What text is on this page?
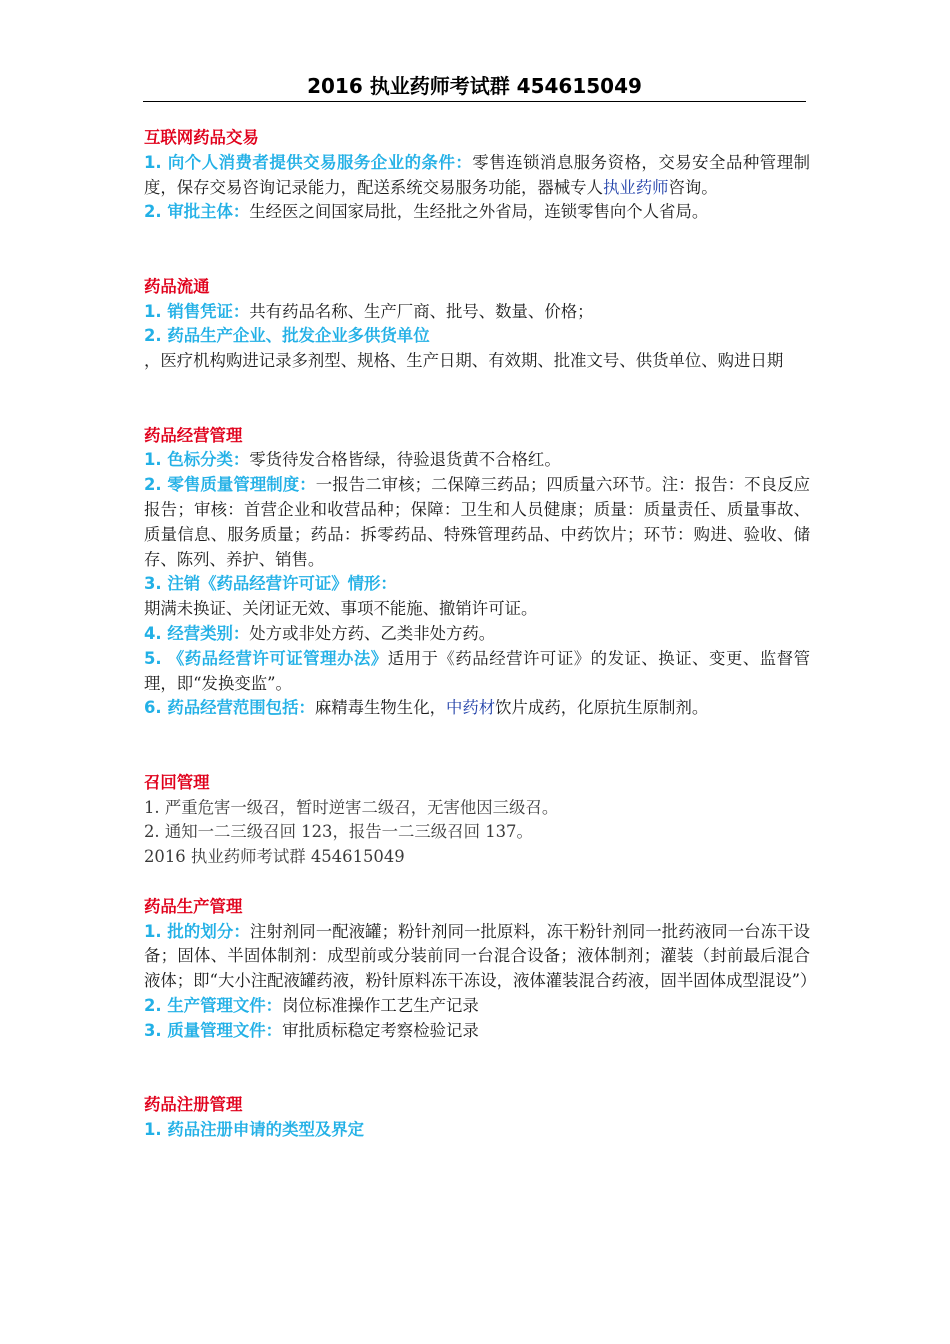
2016 执业药师考试群 454615049
互联网药品交易

1. 向个人消费者提供交易服务企业的条件：零售连锁消息服务资格，交易安全品种管理制度，保存交易咨询记录能力，配送系统交易服务功能，器械专人执业药师咨询。

2. 审批主体：生经医之间国家局批，生经批之外省局，连锁零售向个人省局。

药品流通

1. 销售凭证：共有药品名称、生产厂商、批号、数量、价格；

2. 药品生产企业、批发企业多供货单位

，医疗机构购进记录多剂型、规格、生产日期、有效期、批准文号、供货单位、购进日期

药品经营管理

1. 色标分类：零货待发合格皆绿，待验退货黄不合格红。

2. 零售质量管理制度：一报告二审核；二保障三药品；四质量六环节。注：报告：不良反应报告；审核：首营企业和收营品种；保障：卫生和人员健康；质量：质量责任、质量事故、质量信息、服务质量；药品：拆零药品、特殊管理药品、中药饮片；环节：购进、验收、储存、陈列、养护、销售。

3. 注销《药品经营许可证》情形：

期满未换证、关闭证无效、事项不能施、撤销许可证。

4. 经营类别：处方或非处方药、乙类非处方药。

5. 《药品经营许可证管理办法》适用于《药品经营许可证》的发证、换证、变更、监督管理，即“发换变监”。

6. 药品经营范围包括：麻精毒生物生化，中药材饮片成药，化原抗生原制剂。

召回管理

1. 严重危害一级召，暂时逆害二级召，无害他因三级召。

2. 通知一二三级召回 123，报告一二三级召回 137。

2016 执业药师考试群 454615049

药品生产管理

1. 批的划分：注射剂同一配液罐；粉针剂同一批原料，冻干粉针剂同一批药液同一台冻干设备；固体、半固体制剂：成型前或分装前同一台混合设备；液体制剂；灌装（封前最后混合液体；即“大小注配液罐药液，粉针原料冻干冻设，液体灌装混合药液，固半固体成型混设”）

2. 生产管理文件：岗位标准操作工艺生产记录

3. 质量管理文件：审批质标稳定考察检验记录

药品注册管理

1. 药品注册申请的类型及界定
